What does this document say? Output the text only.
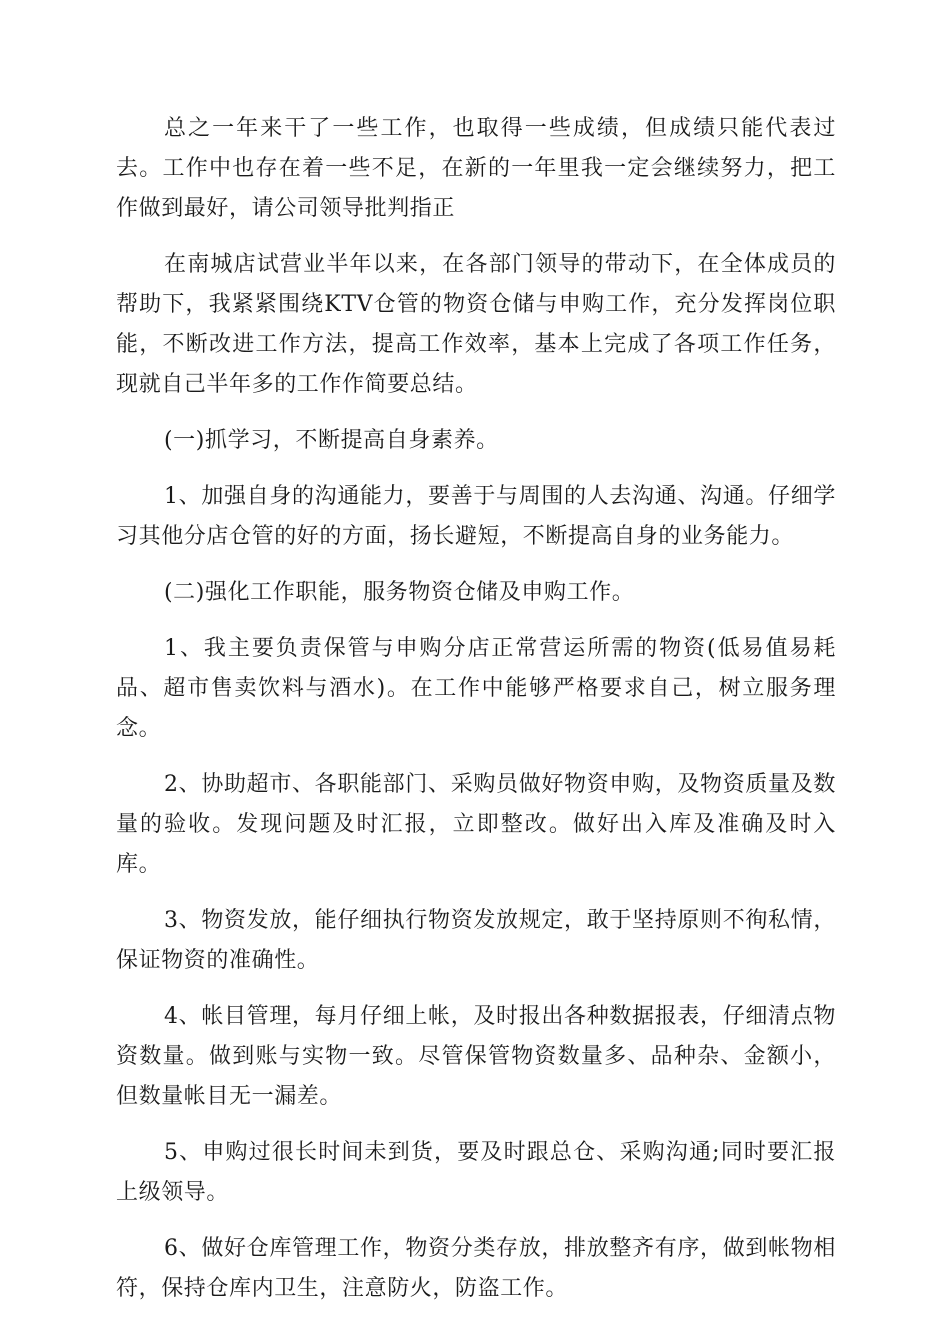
总之一年来干了一些工作，也取得一些成绩，但成绩只能代表过去。工作中也存在着一些不足，在新的一年里我一定会继续努力，把工作做到最好，请公司领导批判指正

在南城店试营业半年以来，在各部门领导的带动下，在全体成员的帮助下，我紧紧围绕KTV仓管的物资仓储与申购工作，充分发挥岗位职能，不断改进工作方法，提高工作效率，基本上完成了各项工作任务，现就自己半年多的工作作简要总结。

(一)抓学习，不断提高自身素养。

1、加强自身的沟通能力，要善于与周围的人去沟通、沟通。仔细学习其他分店仓管的好的方面，扬长避短，不断提高自身的业务能力。

(二)强化工作职能，服务物资仓储及申购工作。

1、我主要负责保管与申购分店正常营运所需的物资(低易值易耗品、超市售卖饮料与酒水)。在工作中能够严格要求自己，树立服务理念。

2、协助超市、各职能部门、采购员做好物资申购，及物资质量及数量的验收。发现问题及时汇报，立即整改。做好出入库及准确及时入库。

3、物资发放，能仔细执行物资发放规定，敢于坚持原则不徇私情，保证物资的准确性。

4、帐目管理，每月仔细上帐，及时报出各种数据报表，仔细清点物资数量。做到账与实物一致。尽管保管物资数量多、品种杂、金额小，但数量帐目无一漏差。

5、申购过很长时间未到货，要及时跟总仓、采购沟通;同时要汇报上级领导。

6、做好仓库管理工作，物资分类存放，排放整齐有序，做到帐物相符，保持仓库内卫生，注意防火，防盗工作。
